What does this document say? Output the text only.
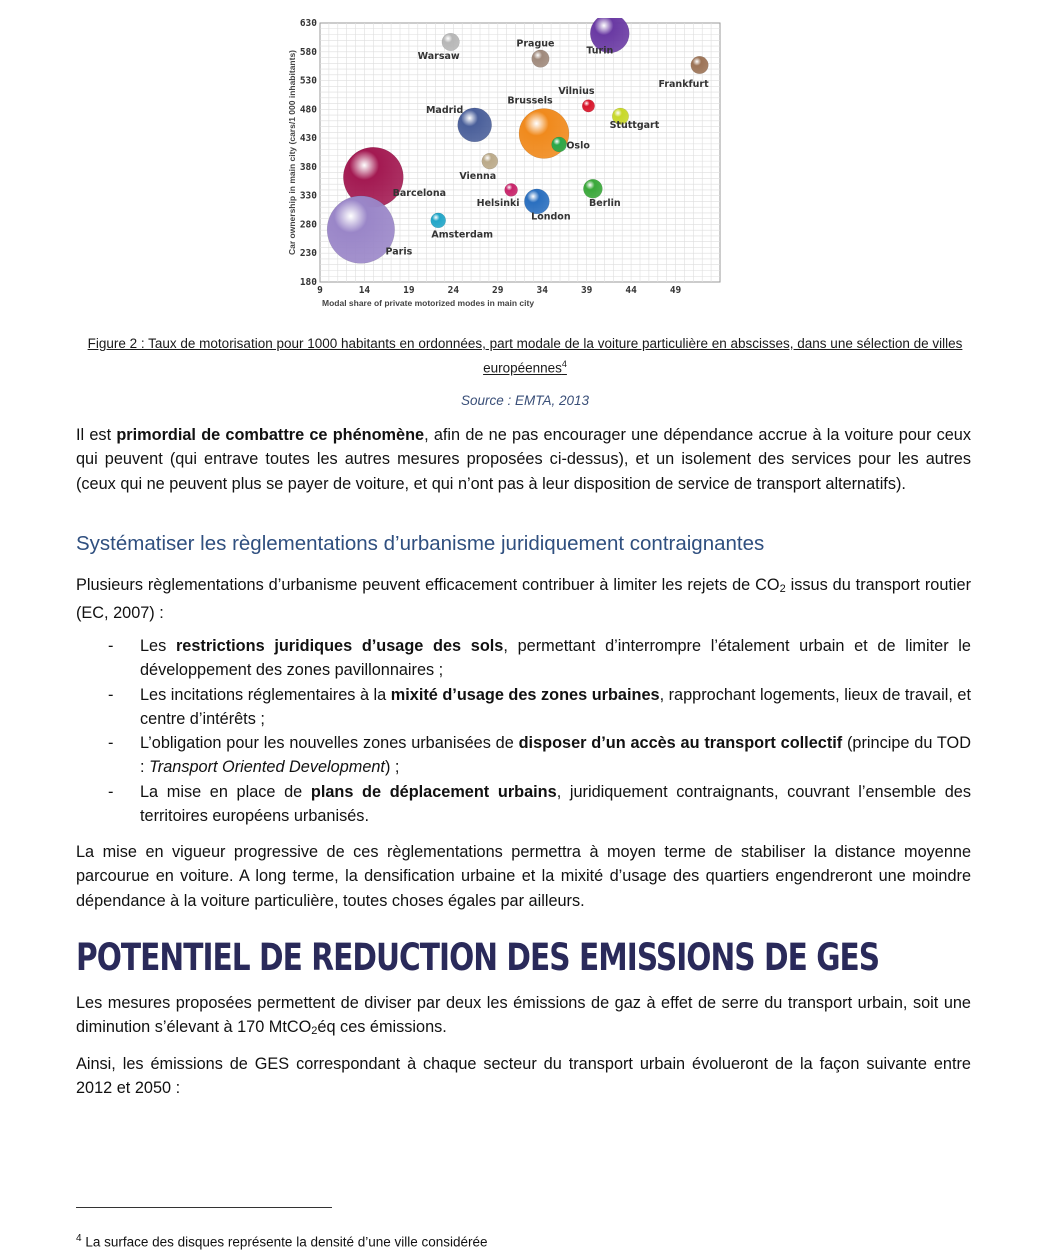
9	14	19	24	29	34	39	44	49
180
230
280
330
380
430
480
530
580
630
Modal share of private motorized modes in main city
Car ownership in main city (cars/1 000 inhabitants)	Warsaw
Prague
Turin
Frankfurt
Vilnius
Madrid
Brussels
Stuttgart
Oslo
Vienna
Barcelona
Helsinki
London
Berlin
Amsterdam
Paris
Figure 2 : Taux de motorisation pour 1000 habitants en ordonnées, part modale de la voiture particulière en abscisses, dans une sélection de villes européennes$^4$
Source : EMTA, 2013

Il est primordial de combattre ce phénomène, afin de ne pas encourager une dépendance accrue à la voiture pour ceux qui peuvent (qui entrave toutes les autres mesures proposées ci-dessus), et un isolement des services pour les autres (ceux qui ne peuvent plus se payer de voiture, et qui n’ont pas à leur disposition de service de transport alternatifs).

Systématiser les règlementations d’urbanisme juridiquement contraignantes

Plusieurs règlementations d’urbanisme peuvent efficacement contribuer à limiter les rejets de $CO_2$ issus du transport routier (EC, 2007) :

- Les restrictions juridiques d’usage des sols, permettant d’interrompre l’étalement urbain et de limiter le développement des zones pavillonnaires ;
- Les incitations réglementaires à la mixité d’usage des zones urbaines, rapprochant logements, lieux de travail, et centre d’intérêts ;
- L’obligation pour les nouvelles zones urbanisées de disposer d’un accès au transport collectif (principe du TOD : Transport Oriented Development) ;
- La mise en place de plans de déplacement urbains, juridiquement contraignants, couvrant l’ensemble des territoires européens urbanisés.

La mise en vigueur progressive de ces règlementations permettra à moyen terme de stabiliser la distance moyenne parcourue en voiture. A long terme, la densification urbaine et la mixité d’usage des quartiers engendreront une moindre dépendance à la voiture particulière, toutes choses égales par ailleurs.

POTENTIEL DE REDUCTION DES EMISSIONS DE GES

Les mesures proposées permettent de diviser par deux les émissions de gaz à effet de serre du transport urbain, soit une diminution s’élevant à 170 MtCO$_2$éq ces émissions.

Ainsi, les émissions de GES correspondant à chaque secteur du transport urbain évolueront de la façon suivante entre 2012 et 2050 :

$^4$ La surface des disques représente la densité d’une ville considérée
